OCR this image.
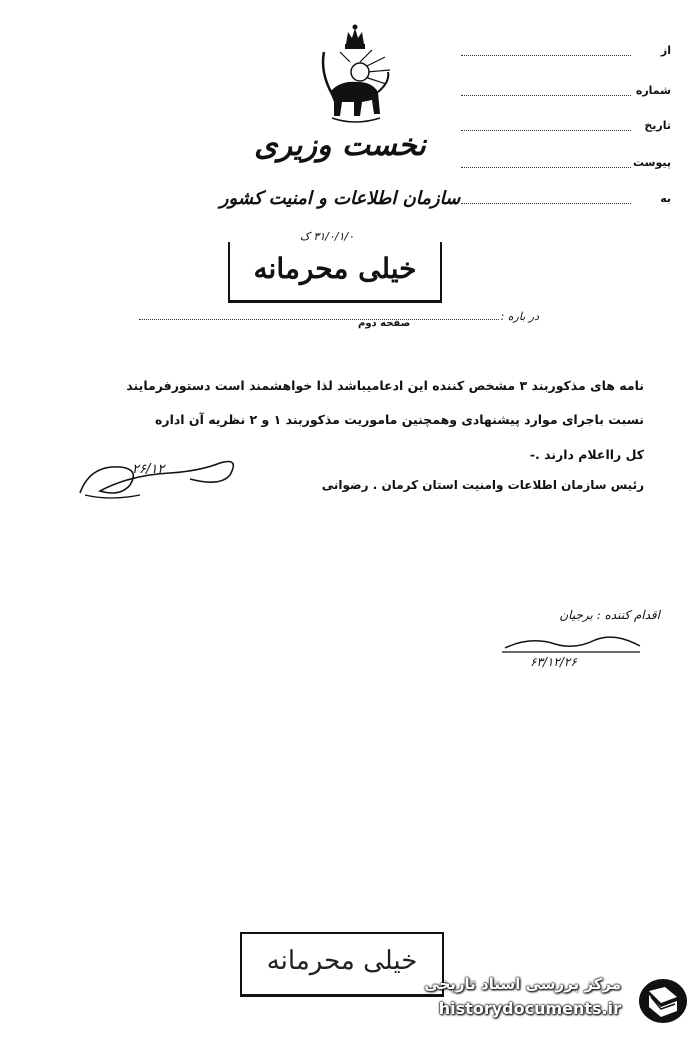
از
شماره
تاریخ
پیوست
به
نخست وزیری
سازمان اطلاعات و امنیت کشور
۳۱/۰/۱/۰ ک
خیلی محرمانه
در باره :
صفحه دوم
نامه های مذکوربند ۳ مشخص کننده این ادعامیباشد لذا خواهشمند است دستورفرمایند
نسبت باجرای موارد پیشنهادی وهمچنین ماموریت مذکوربند ۱ و ۲ نظریه آن اداره
کل رااعلام دارند .-
۲۶/۱۲
رئیس سازمان اطلاعات وامنیت استان کرمان . رضوانی
اقدام کننده : برجیان
۶۳/۱۲/۲۶
خیلی محرمانه
مرکز بررسی اسناد تاریخی
historydocuments.ir
